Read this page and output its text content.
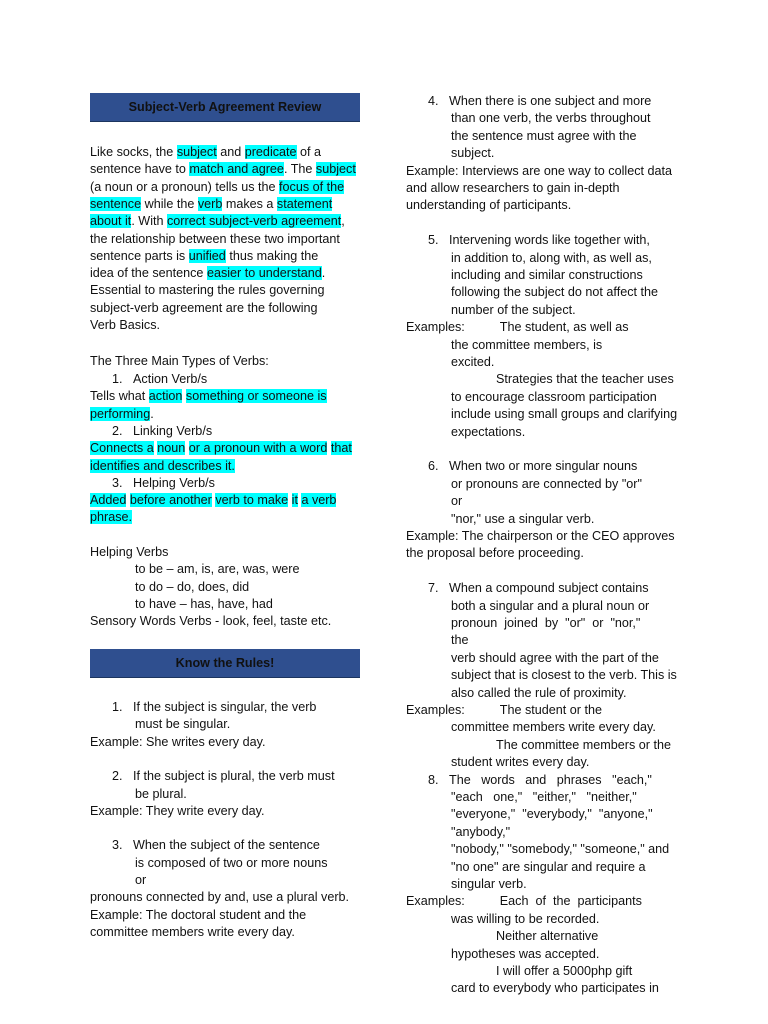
Subject-Verb Agreement Review
Like socks, the subject and predicate of a
sentence have to match and agree. The subject
(a noun or a pronoun) tells us the focus of the
sentence while the verb makes a statement
about it. With correct subject-verb agreement,
the relationship between these two important
sentence parts is unified thus making the
idea of the sentence easier to understand.
Essential to mastering the rules governing
subject-verb agreement are the following
Verb Basics.
The Three Main Types of Verbs:
1.   Action Verb/s
Tells what action something or someone is
performing.
2.   Linking Verb/s
Connects a noun or a pronoun with a word that
identifies and describes it.
3.   Helping Verb/s
Added before another verb to make it a verb
phrase.
Helping Verbs
to be – am, is, are, was, were
to do – do, does, did
to have – has, have, had
Sensory Words Verbs - look, feel, taste etc.
Know the Rules!
1.   If the subject is singular, the verb
must be singular.
Example: She writes every day.
2.   If the subject is plural, the verb must
be plural.
Example: They write every day.
3.   When the subject of the sentence
is composed of two or more nouns
or
pronouns connected by and, use a plural verb.
Example: The doctoral student and the
committee members write every day.
4.   When there is one subject and more
than one verb, the verbs throughout
the sentence must agree with the
subject.
Example: Interviews are one way to collect data
and allow researchers to gain in-depth
understanding of participants.
5.   Intervening words like together with,
in addition to, along with, as well as,
including and similar constructions
following the subject do not affect the
number of the subject.
Examples:          The student, as well as
the committee members, is
excited.
Strategies that the teacher uses
to encourage classroom participation
include using small groups and clarifying
expectations.
6.   When two or more singular nouns
or pronouns are connected by "or"
or
"nor," use a singular verb.
Example: The chairperson or the CEO approves
the proposal before proceeding.
7.   When a compound subject contains
both a singular and a plural noun or
pronoun  joined  by  "or"  or  "nor,"
the
verb should agree with the part of the
subject that is closest to the verb. This is
also called the rule of proximity.
Examples:          The student or the
committee members write every day.
The committee members or the
student writes every day.
8.   The   words   and   phrases   "each,"
"each   one,"   "either,"   "neither,"
"everyone,"  "everybody,"  "anyone,"
"anybody,"
"nobody," "somebody," "someone," and
"no one" are singular and require a
singular verb.
Examples:          Each  of  the  participants
was willing to be recorded.
Neither alternative
hypotheses was accepted.
I will offer a 5000php gift
card to everybody who participates in
